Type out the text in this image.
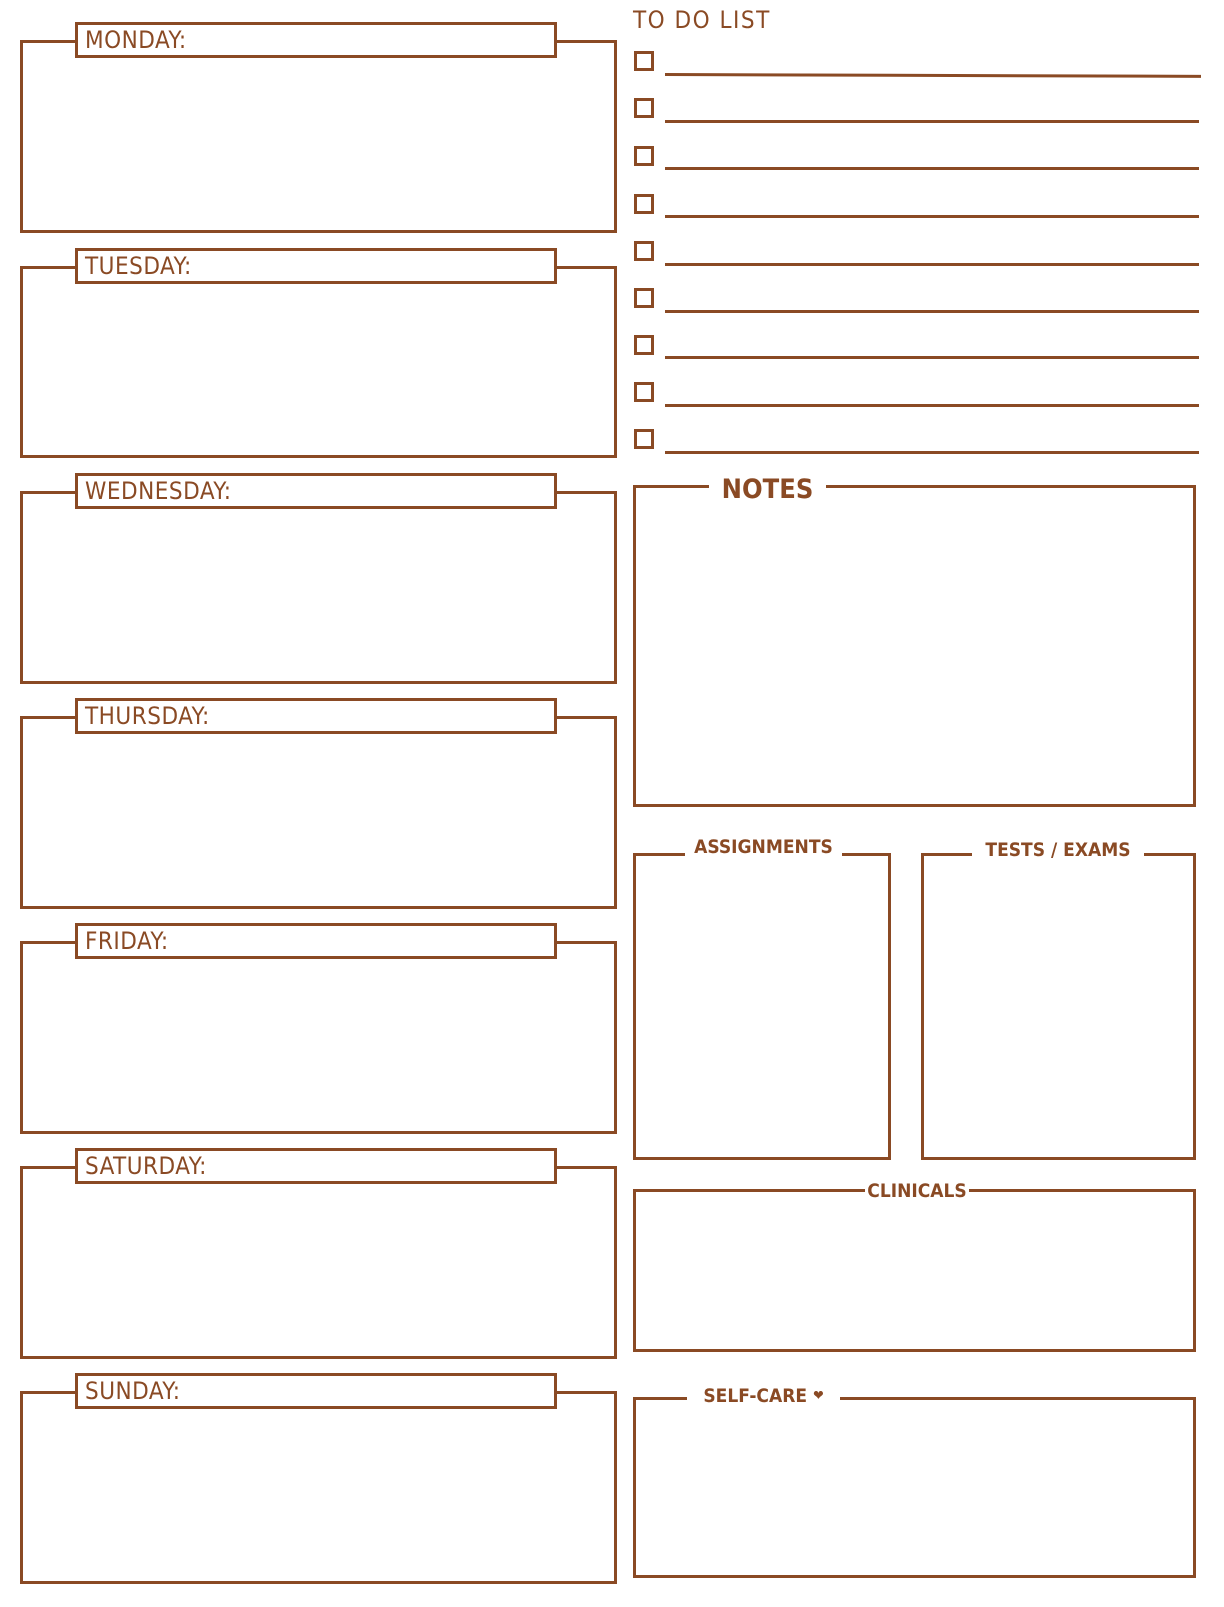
MONDAY:
TUESDAY:
WEDNESDAY:
THURSDAY:
FRIDAY:
SATURDAY:
SUNDAY:
TO DO LIST
NOTES
ASSIGNMENTS	TESTS / EXAMS
CLINICALS
SELF-CARE ❤
